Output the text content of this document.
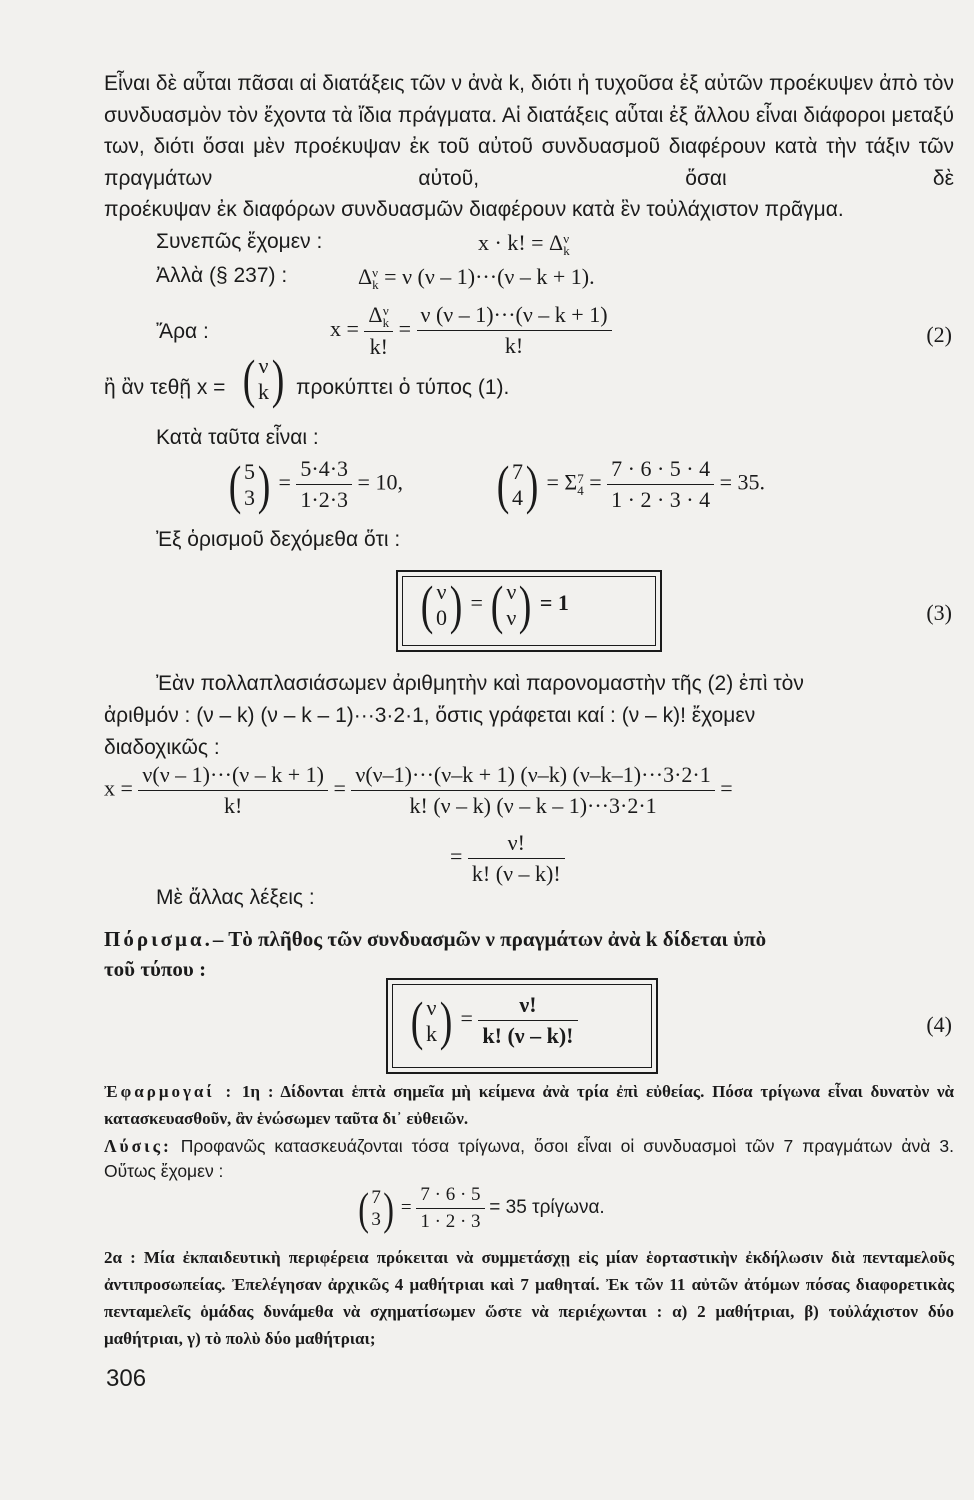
Εἶναι δὲ αὗται πᾶσαι αἱ διατάξεις τῶν ν ἀνὰ k, διότι ἡ τυχοῦσα ἐξ αὐτῶν προέκυψεν ἀπὸ τὸν συνδυασμὸν τὸν ἔχοντα τὰ ἴδια πράγματα. Αἱ διατάξεις αὗται ἐξ ἄλλου εἶναι διάφοροι μεταξύ των, διότι ὅσαι μὲν προέκυψαν ἐκ τοῦ αὐτοῦ συνδυασμοῦ διαφέρουν κατὰ τὴν τάξιν τῶν πραγμάτων αὐτοῦ, ὅσαι δὲ
προέκυψαν ἐκ διαφόρων συνδυασμῶν διαφέρουν κατὰ ἓν τοὐλάχιστον πρᾶγμα.
Συνεπῶς ἔχομεν :	x · k! = Δ ν
k
Ἀλλὰ (§ 237) :	Δ ν
k = ν (ν – 1)···(ν – k + 1).
Ἄρα :	x = Δ ν
k
k! = $\frac{\nu (\nu - 1)\cdot\cdot\cdot(\nu - k + 1)}{k!}$	(2)
ἢ ἂν τεθῇ x = ( ν
k ) προκύπτει ὁ τύπος (1).
Κατὰ ταῦτα εἶναι :
( 5
3 ) = $\frac{5\cdot 4\cdot 3}{1\cdot 2\cdot 3} = 10$, ( 7
4 ) = Σ 7
$4 = \frac{7 \cdot 6 \cdot 5 \cdot 4}{1 \cdot 2 \cdot 3 \cdot 4} = 35$.
Ἐξ ὁρισμοῦ δεχόμεθα ὅτι :
( ν
0 ) = ( ν
ν ) = 1	(3)
Ἐὰν πολλαπλασιάσωμεν ἀριθμητὴν καὶ παρονομαστὴν τῆς (2) ἐπὶ τὸν
ἀριθμόν : (ν – k) (ν – k – 1)···3·2·1, ὅστις γράφεται καί : (ν – k)! ἔχομεν
διαδοχικῶς :
$x = \frac{\nu(\nu - 1)\cdot\cdot\cdot(\nu - k + 1)}{k!} = \frac{\nu(\nu-1)\cdot\cdot\cdot(\nu-k + 1) (\nu-k) (\nu-k-1)\cdot\cdot\cdot 3\cdot 2\cdot 1}{k! (\nu - k) (\nu - k - 1)\cdot\cdot\cdot 3\cdot 2\cdot 1}$ =
= $\frac{\nu!}{k! (\nu - k)!}$
Μὲ ἄλλας λέξεις :
Πόρισμα.– Τὸ πλῆθος τῶν συνδυασμῶν ν πραγμάτων ἀνὰ k δίδεται ὑπὸ
τοῦ τύπου :
( ν
k ) = $\frac{\nu!}{k! (\nu - k)!}$	(4)
Ἐφαρμογαί : 1η : Δίδονται ἑπτὰ σημεῖα μὴ κείμενα ἀνὰ τρία ἐπὶ εὐθείας. Πόσα τρίγωνα εἶναι δυνατὸν νὰ κατασκευασθοῦν, ἂν ἑνώσωμεν ταῦτα δι᾽ εὐθειῶν.
Λύσις: Προφανῶς κατασκευάζονται τόσα τρίγωνα, ὅσοι εἶναι οἱ συνδυασμοὶ τῶν 7 πραγμάτων ἀνὰ 3. Οὕτως ἔχομεν :
( 7
3 ) = $\frac{7 \cdot 6 \cdot 5}{1 \cdot 2 \cdot 3} = 35$ τρίγωνα.
2α : Μία ἐκπαιδευτικὴ περιφέρεια πρόκειται νὰ συμμετάσχῃ εἰς μίαν ἑορταστικὴν ἐκδήλωσιν διὰ πενταμελοῦς ἀντιπροσωπείας. Ἐπελέγησαν ἀρχικῶς 4 μαθήτριαι καὶ 7 μαθηταί. Ἐκ τῶν 11 αὐτῶν ἀτόμων πόσας διαφορετικὰς πενταμελεῖς ὁμάδας δυνάμεθα νὰ σχηματίσωμεν ὥστε νὰ περιέχωνται : α) 2 μαθήτριαι, β) τοὐλάχιστον δύο μαθήτριαι, γ) τὸ πολὺ δύο μαθήτριαι;
306
